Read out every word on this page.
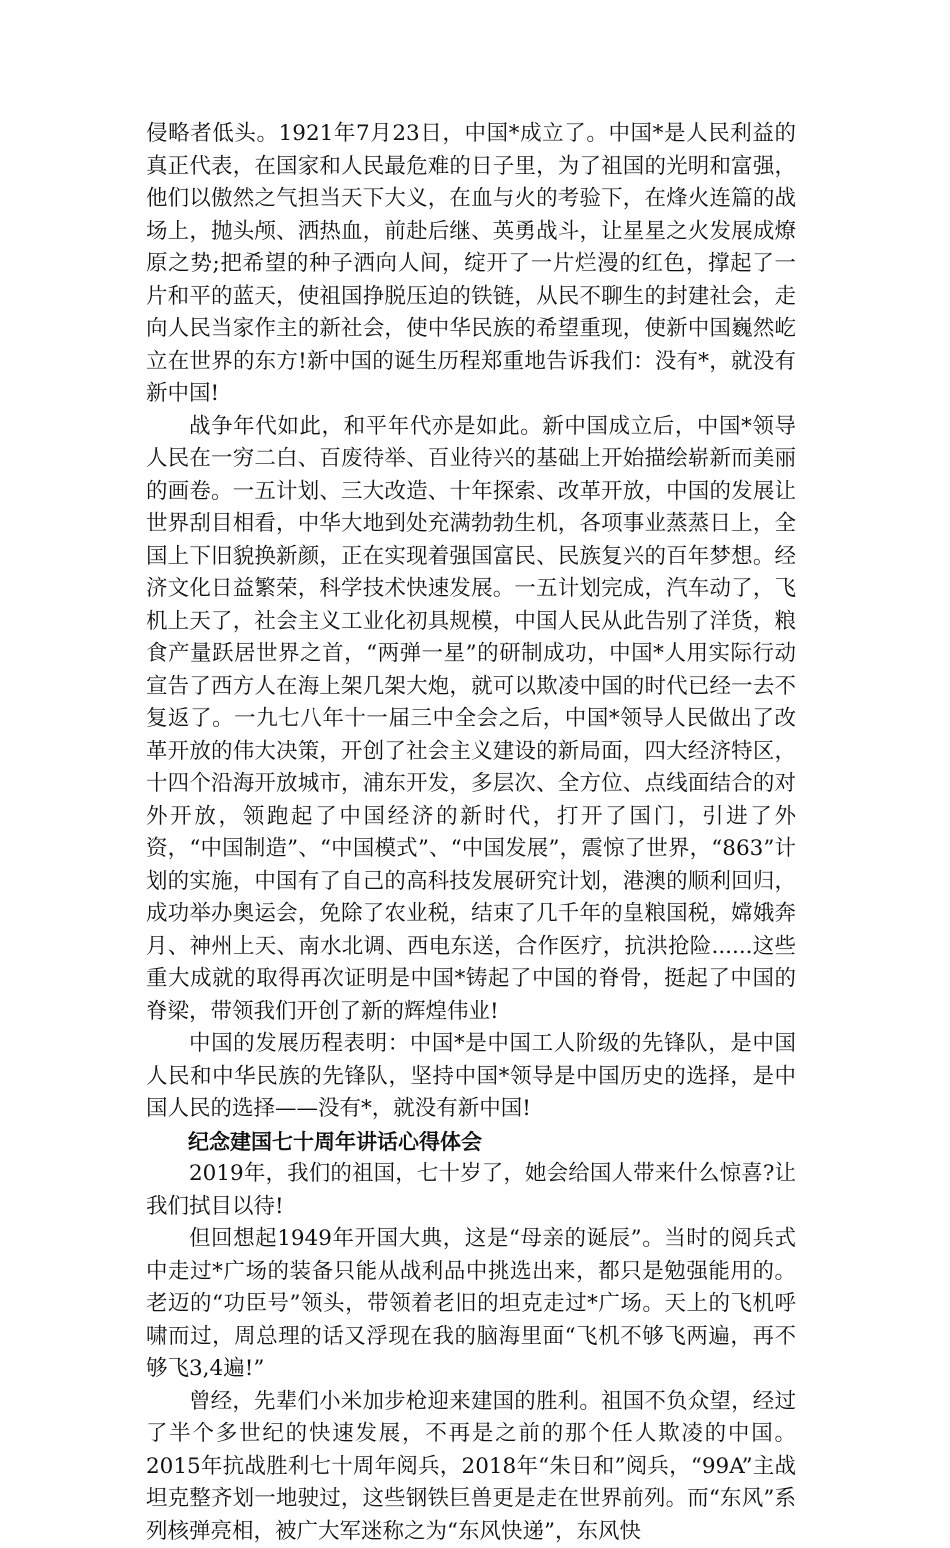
侵略者低头。1921年7月23日，中国*成立了。中国*是人民利益的真正代表，在国家和人民最危难的日子里，为了祖国的光明和富强，他们以傲然之气担当天下大义，在血与火的考验下，在烽火连篇的战场上，抛头颅、洒热血，前赴后继、英勇战斗，让星星之火发展成燎原之势;把希望的种子洒向人间，绽开了一片烂漫的红色，撑起了一片和平的蓝天，使祖国挣脱压迫的铁链，从民不聊生的封建社会，走向人民当家作主的新社会，使中华民族的希望重现，使新中国巍然屹立在世界的东方!新中国的诞生历程郑重地告诉我们：没有*，就没有新中国!

战争年代如此，和平年代亦是如此。新中国成立后，中国*领导人民在一穷二白、百废待举、百业待兴的基础上开始描绘崭新而美丽的画卷。一五计划、三大改造、十年探索、改革开放，中国的发展让世界刮目相看，中华大地到处充满勃勃生机，各项事业蒸蒸日上，全国上下旧貌换新颜，正在实现着强国富民、民族复兴的百年梦想。经济文化日益繁荣，科学技术快速发展。一五计划完成，汽车动了，飞机上天了，社会主义工业化初具规模，中国人民从此告别了洋货，粮食产量跃居世界之首，“两弹一星”的研制成功，中国*人用实际行动宣告了西方人在海上架几架大炮，就可以欺凌中国的时代已经一去不复返了。一九七八年十一届三中全会之后，中国*领导人民做出了改革开放的伟大决策，开创了社会主义建设的新局面，四大经济特区，十四个沿海开放城市，浦东开发，多层次、全方位、点线面结合的对外开放，领跑起了中国经济的新时代，打开了国门，引进了外资，“中国制造”、“中国模式”、“中国发展”，震惊了世界，“863”计划的实施，中国有了自己的高科技发展研究计划，港澳的顺利回归，成功举办奥运会，免除了农业税，结束了几千年的皇粮国税，嫦娥奔月、神州上天、南水北调、西电东送，合作医疗，抗洪抢险......这些重大成就的取得再次证明是中国*铸起了中国的脊骨，挺起了中国的脊梁，带领我们开创了新的辉煌伟业!

中国的发展历程表明：中国*是中国工人阶级的先锋队，是中国人民和中华民族的先锋队，坚持中国*领导是中国历史的选择，是中国人民的选择——没有*，就没有新中国!

纪念建国七十周年讲话心得体会

2019年，我们的祖国，七十岁了，她会给国人带来什么惊喜?让我们拭目以待!

但回想起1949年开国大典，这是“母亲的诞辰”。当时的阅兵式中走过*广场的装备只能从战利品中挑选出来，都只是勉强能用的。老迈的“功臣号”领头，带领着老旧的坦克走过*广场。天上的飞机呼啸而过，周总理的话又浮现在我的脑海里面“飞机不够飞两遍，再不够飞3,4遍!”

曾经，先辈们小米加步枪迎来建国的胜利。祖国不负众望，经过了半个多世纪的快速发展，不再是之前的那个任人欺凌的中国。2015年抗战胜利七十周年阅兵，2018年“朱日和”阅兵，“99A”主战坦克整齐划一地驶过，这些钢铁巨兽更是走在世界前列。而“东风”系列核弹亮相，被广大军迷称之为“东风快递”，东风快
